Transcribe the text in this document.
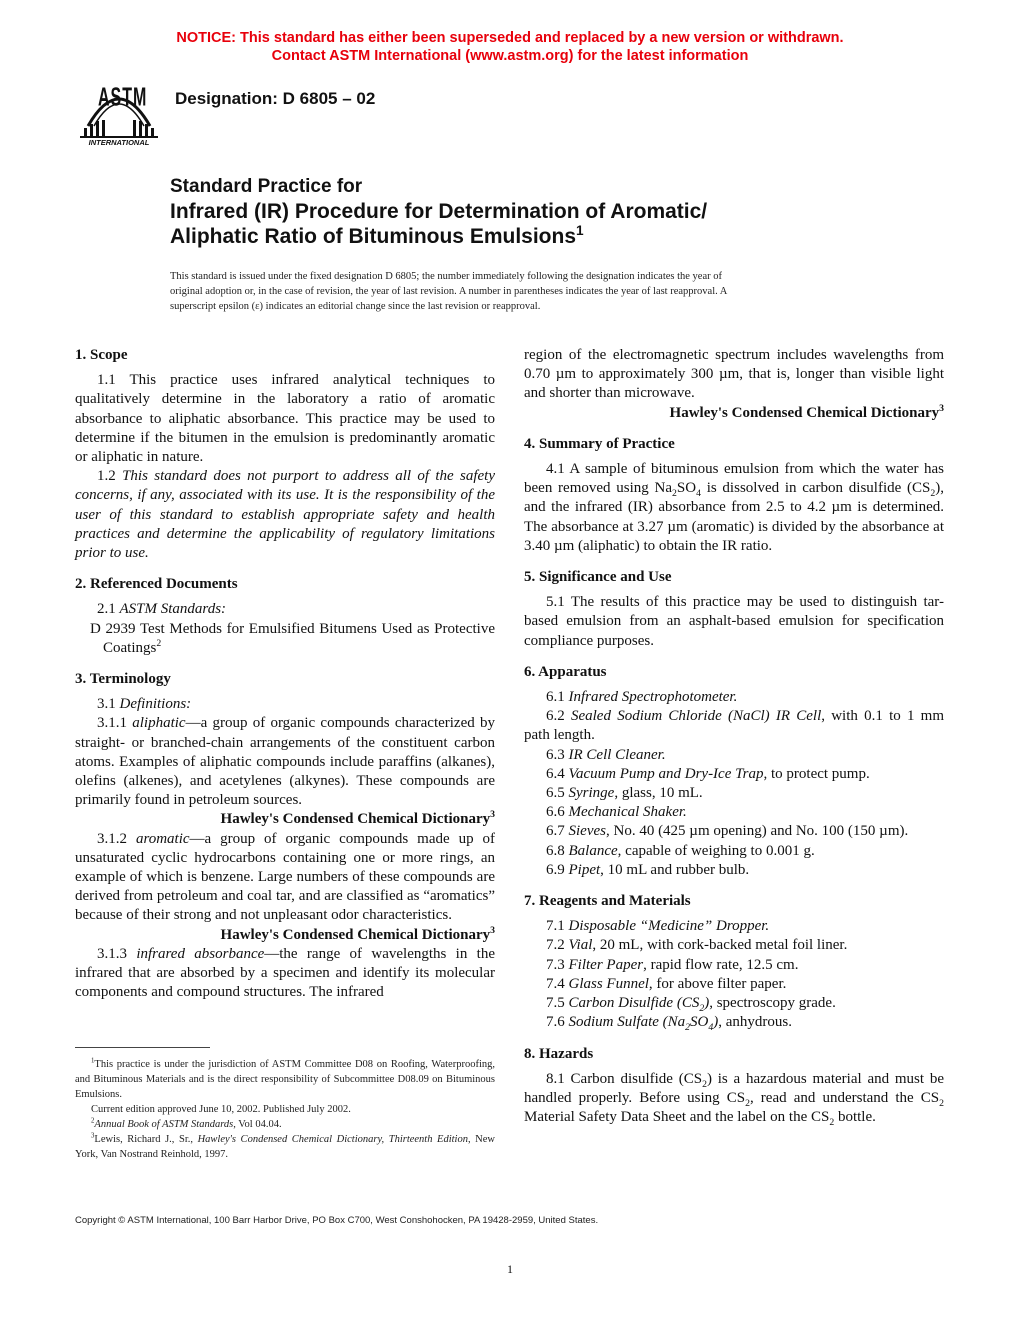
NOTICE: This standard has either been superseded and replaced by a new version or withdrawn.
Contact ASTM International (www.astm.org) for the latest information
ASTM
INTERNATIONAL
Designation: D 6805 – 02
Standard Practice for
Infrared (IR) Procedure for Determination of Aromatic/
Aliphatic Ratio of Bituminous Emulsions$^1$
This standard is issued under the fixed designation D 6805; the number immediately following the designation indicates the year of
original adoption or, in the case of revision, the year of last revision. A number in parentheses indicates the year of last reapproval. A
superscript epsilon (ε) indicates an editorial change since the last revision or reapproval.

1. Scope

1.1 This practice uses infrared analytical techniques to qualitatively determine in the laboratory a ratio of aromatic absorbance to aliphatic absorbance. This practice may be used to determine if the bitumen in the emulsion is predominantly aromatic or aliphatic in nature.

1.2 This standard does not purport to address all of the safety concerns, if any, associated with its use. It is the responsibility of the user of this standard to establish appropriate safety and health practices and determine the applicability of regulatory limitations prior to use.

2. Referenced Documents

2.1 ASTM Standards:

D 2939 Test Methods for Emulsified Bitumens Used as Protective Coatings$^2$

3. Terminology

3.1 Definitions:

3.1.1 aliphatic—a group of organic compounds characterized by straight- or branched-chain arrangements of the constituent carbon atoms. Examples of aliphatic compounds include paraffins (alkanes), olefins (alkenes), and acetylenes (alkynes). These compounds are primarily found in petroleum sources.

Hawley's Condensed Chemical Dictionary$^3$

3.1.2 aromatic—a group of organic compounds made up of unsaturated cyclic hydrocarbons containing one or more rings, an example of which is benzene. Large numbers of these compounds are derived from petroleum and coal tar, and are classified as “aromatics” because of their strong and not unpleasant odor characteristics.

Hawley's Condensed Chemical Dictionary$^3$

3.1.3 infrared absorbance—the range of wavelengths in the infrared that are absorbed by a specimen and identify its molecular components and compound structures. The infrared

$^1$This practice is under the jurisdiction of ASTM Committee D08 on Roofing, Waterproofing, and Bituminous Materials and is the direct responsibility of Subcommittee D08.09 on Bituminous Emulsions.

Current edition approved June 10, 2002. Published July 2002.

$^2$Annual Book of ASTM Standards, Vol 04.04.

$^3$Lewis, Richard J., Sr., Hawley's Condensed Chemical Dictionary, Thirteenth Edition, New York, Van Nostrand Reinhold, 1997.

region of the electromagnetic spectrum includes wavelengths from 0.70 µm to approximately 300 µm, that is, longer than visible light and shorter than microwave.

Hawley's Condensed Chemical Dictionary$^3$

4. Summary of Practice

4.1 A sample of bituminous emulsion from which the water has been removed using $Na_2SO_4$ is dissolved in carbon disulfide $(CS_2)$, and the infrared (IR) absorbance from 2.5 to 4.2 µm is determined. The absorbance at 3.27 µm (aromatic) is divided by the absorbance at 3.40 µm (aliphatic) to obtain the IR ratio.

5. Significance and Use

5.1 The results of this practice may be used to distinguish tar-based emulsion from an asphalt-based emulsion for specification compliance purposes.

6. Apparatus

6.1 Infrared Spectrophotometer.

6.2 Sealed Sodium Chloride (NaCl) IR Cell, with 0.1 to 1 mm path length.

6.3 IR Cell Cleaner.

6.4 Vacuum Pump and Dry-Ice Trap, to protect pump.

6.5 Syringe, glass, 10 mL.

6.6 Mechanical Shaker.

6.7 Sieves, No. 40 (425 µm opening) and No. 100 (150 µm).

6.8 Balance, capable of weighing to 0.001 g.

6.9 Pipet, 10 mL and rubber bulb.

7. Reagents and Materials

7.1 Disposable “Medicine” Dropper.

7.2 Vial, 20 mL, with cork-backed metal foil liner.

7.3 Filter Paper, rapid flow rate, 12.5 cm.

7.4 Glass Funnel, for above filter paper.

7.5 Carbon Disulfide $(CS_2)$, spectroscopy grade.

7.6 Sodium Sulfate $(Na_2SO_4)$, anhydrous.

8. Hazards

8.1 Carbon disulfide $(CS_2)$ is a hazardous material and must be handled properly. Before using $CS_2$, read and understand the $CS_2$ Material Safety Data Sheet and the label on the $CS_2$ bottle.

Copyright © ASTM International, 100 Barr Harbor Drive, PO Box C700, West Conshohocken, PA 19428-2959, United States.
1
